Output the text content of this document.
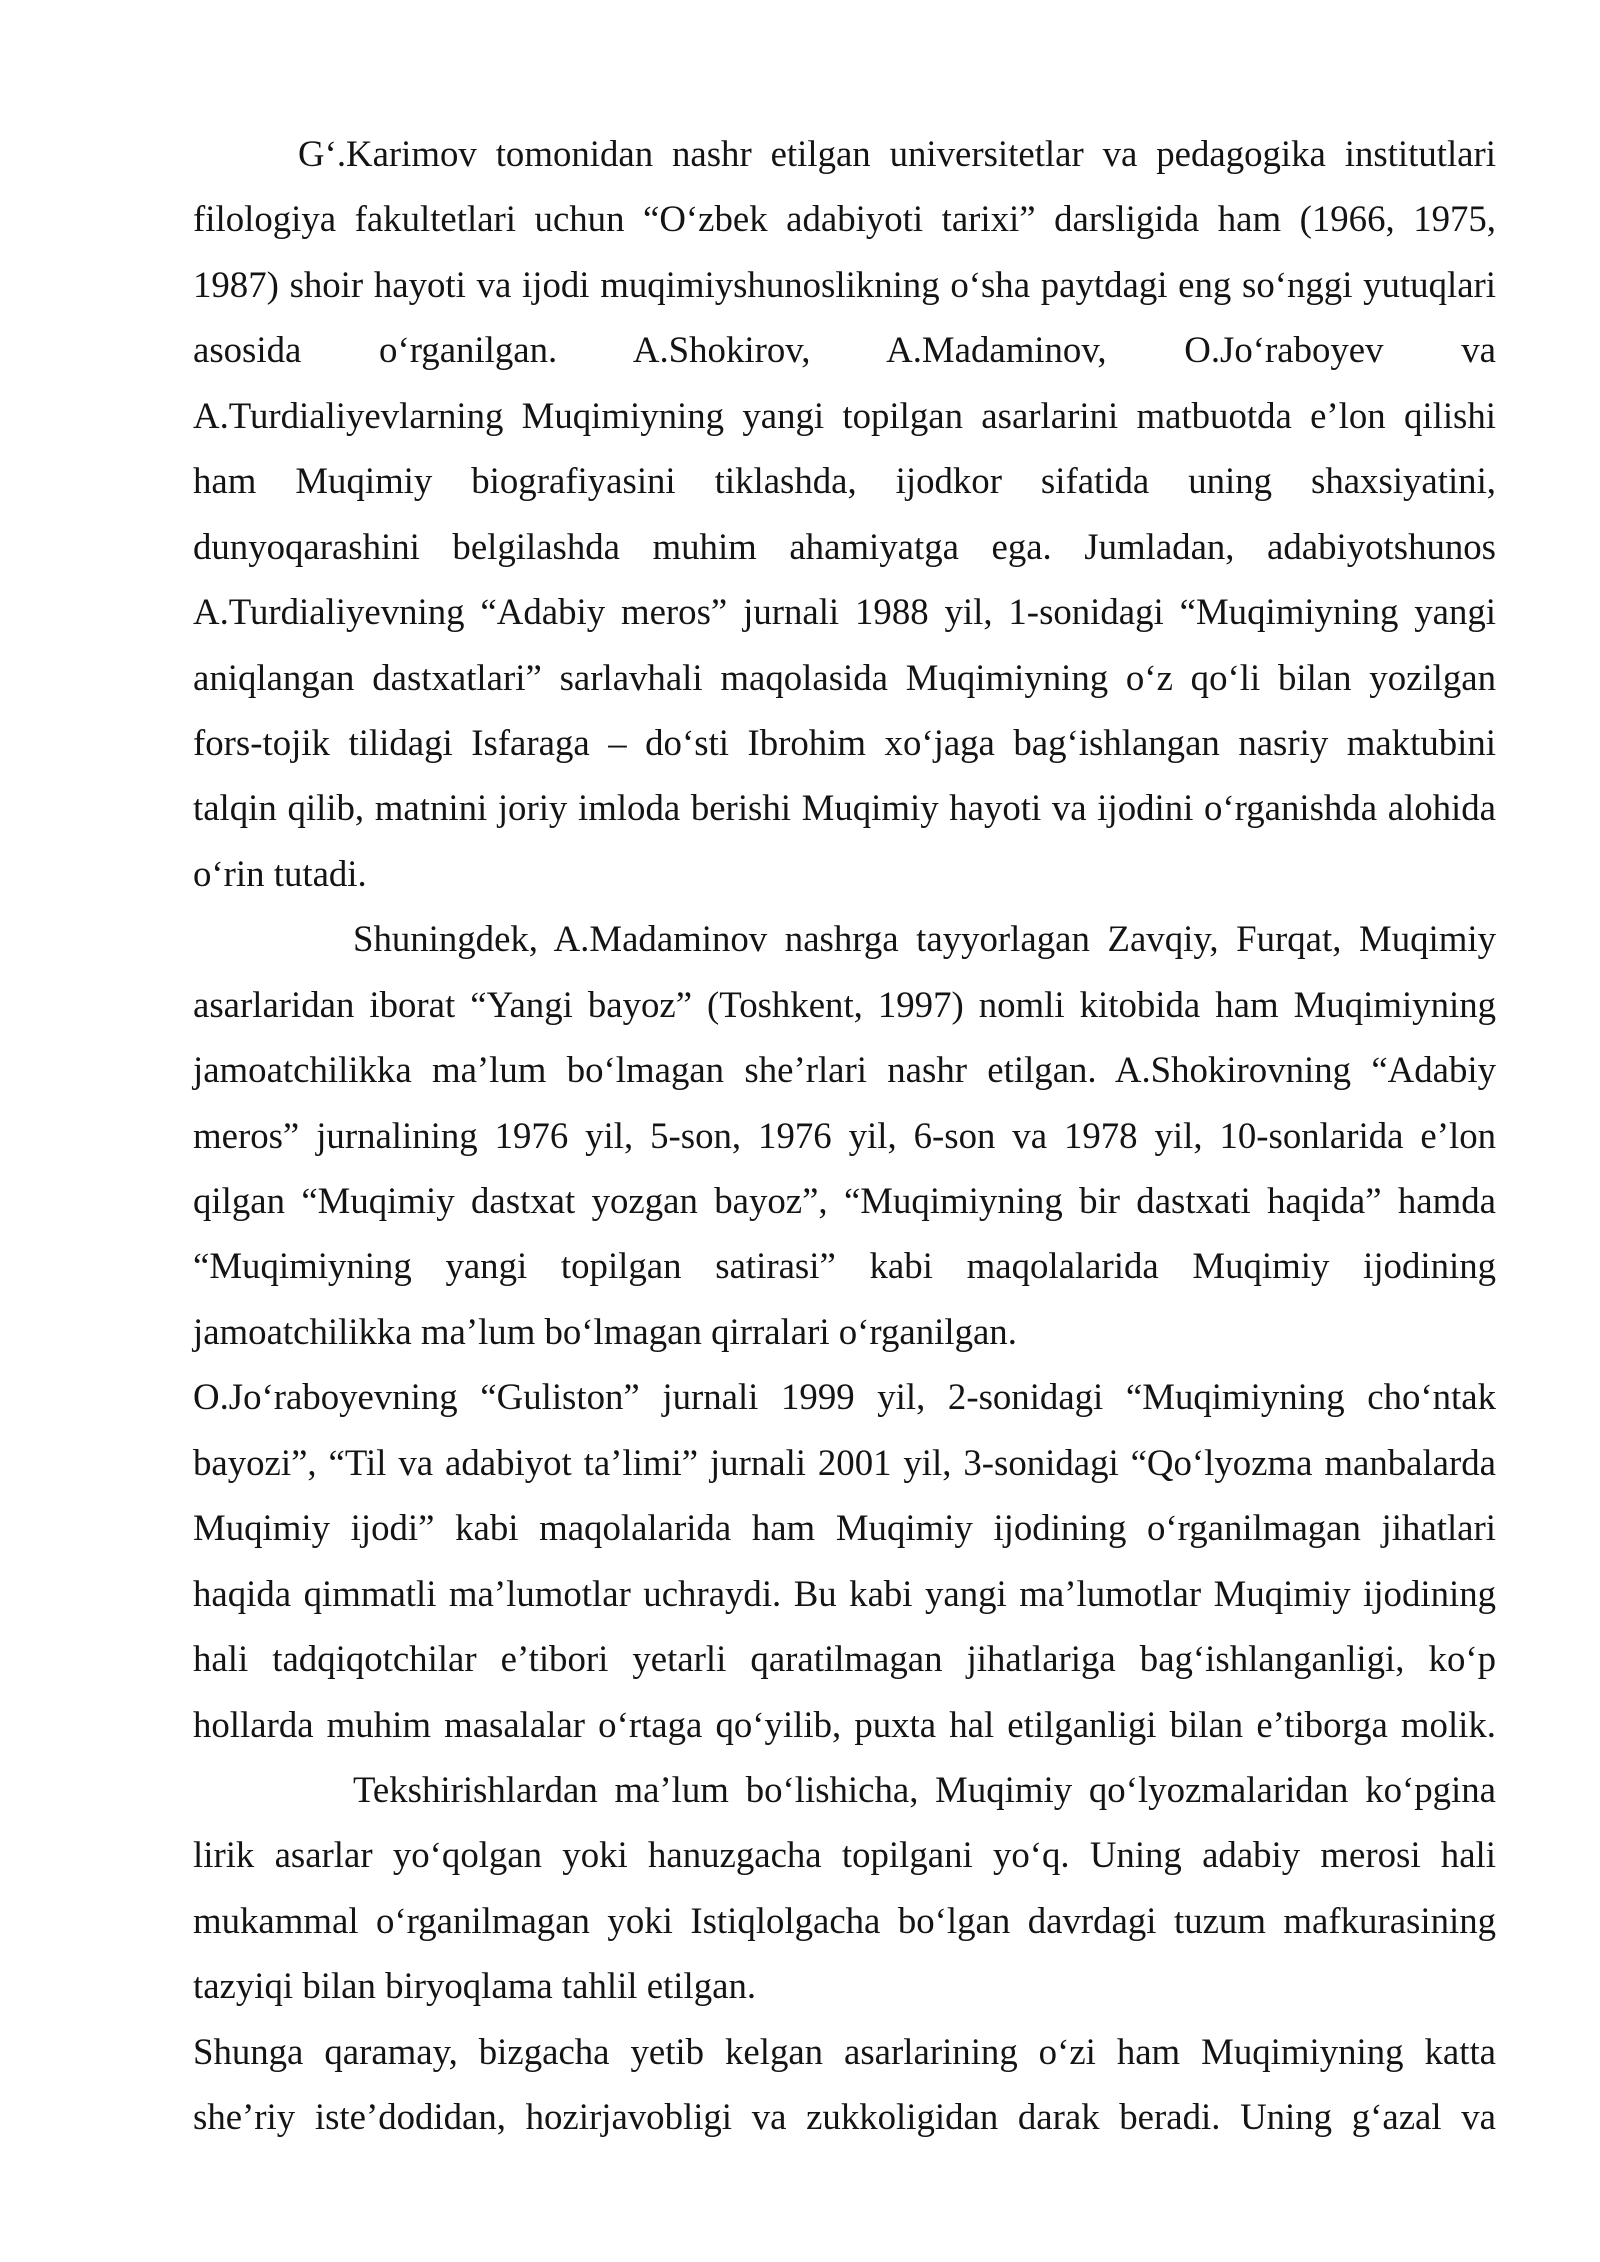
G‘.Karimov tomonidan nashr etilgan universitetlar va pedagogika institutlari
filologiya fakultetlari uchun “O‘zbek adabiyoti tarixi” darsligida ham (1966, 1975,
1987) shoir hayoti va ijodi muqimiyshunoslikning o‘sha paytdagi eng so‘nggi yutuqlari
asosida o‘rganilgan. A.Shokirov, A.Madaminov, O.Jo‘raboyev va
A.Turdialiyevlarning Muqimiyning yangi topilgan asarlarini matbuotda e’lon qilishi
ham Muqimiy biografiyasini tiklashda, ijodkor sifatida uning shaxsiyatini,
dunyoqarashini belgilashda muhim ahamiyatga ega. Jumladan, adabiyotshunos
A.Turdialiyevning “Adabiy meros” jurnali 1988 yil, 1-sonidagi “Muqimiyning yangi
aniqlangan dastxatlari” sarlavhali maqolasida Muqimiyning o‘z qo‘li bilan yozilgan
fors-tojik tilidagi Isfaraga – do‘sti Ibrohim xo‘jaga bag‘ishlangan nasriy maktubini
talqin qilib, matnini joriy imloda berishi Muqimiy hayoti va ijodini o‘rganishda alohida
o‘rin tutadi.
Shuningdek, A.Madaminov nashrga tayyorlagan Zavqiy, Furqat, Muqimiy
asarlaridan iborat “Yangi bayoz” (Toshkent, 1997) nomli kitobida ham Muqimiyning
jamoatchilikka ma’lum bo‘lmagan she’rlari nashr etilgan. A.Shokirovning “Adabiy
meros” jurnalining 1976 yil, 5-son, 1976 yil, 6-son va 1978 yil, 10-sonlarida e’lon
qilgan “Muqimiy dastxat yozgan bayoz”, “Muqimiyning bir dastxati haqida” hamda
“Muqimiyning yangi topilgan satirasi” kabi maqolalarida Muqimiy ijodining
jamoatchilikka ma’lum bo‘lmagan qirralari o‘rganilgan.
O.Jo‘raboyevning “Guliston” jurnali 1999 yil, 2-sonidagi “Muqimiyning cho‘ntak
bayozi”, “Til va adabiyot ta’limi” jurnali 2001 yil, 3-sonidagi “Qo‘lyozma manbalarda
Muqimiy ijodi” kabi maqolalarida ham Muqimiy ijodining o‘rganilmagan jihatlari
haqida qimmatli ma’lumotlar uchraydi. Bu kabi yangi ma’lumotlar Muqimiy ijodining
hali tadqiqotchilar e’tibori yetarli qaratilmagan jihatlariga bag‘ishlanganligi, ko‘p
hollarda muhim masalalar o‘rtaga qo‘yilib, puxta hal etilganligi bilan e’tiborga molik.
Tekshirishlardan ma’lum bo‘lishicha, Muqimiy qo‘lyozmalaridan ko‘pgina
lirik asarlar yo‘qolgan yoki hanuzgacha topilgani yo‘q. Uning adabiy merosi hali
mukammal o‘rganilmagan yoki Istiqlolgacha bo‘lgan davrdagi tuzum mafkurasining
tazyiqi bilan biryoqlama tahlil etilgan.
Shunga qaramay, bizgacha yetib kelgan asarlarining o‘zi ham Muqimiyning katta
she’riy iste’dodidan, hozirjavobligi va zukkoligidan darak beradi. Uning g‘azal va
